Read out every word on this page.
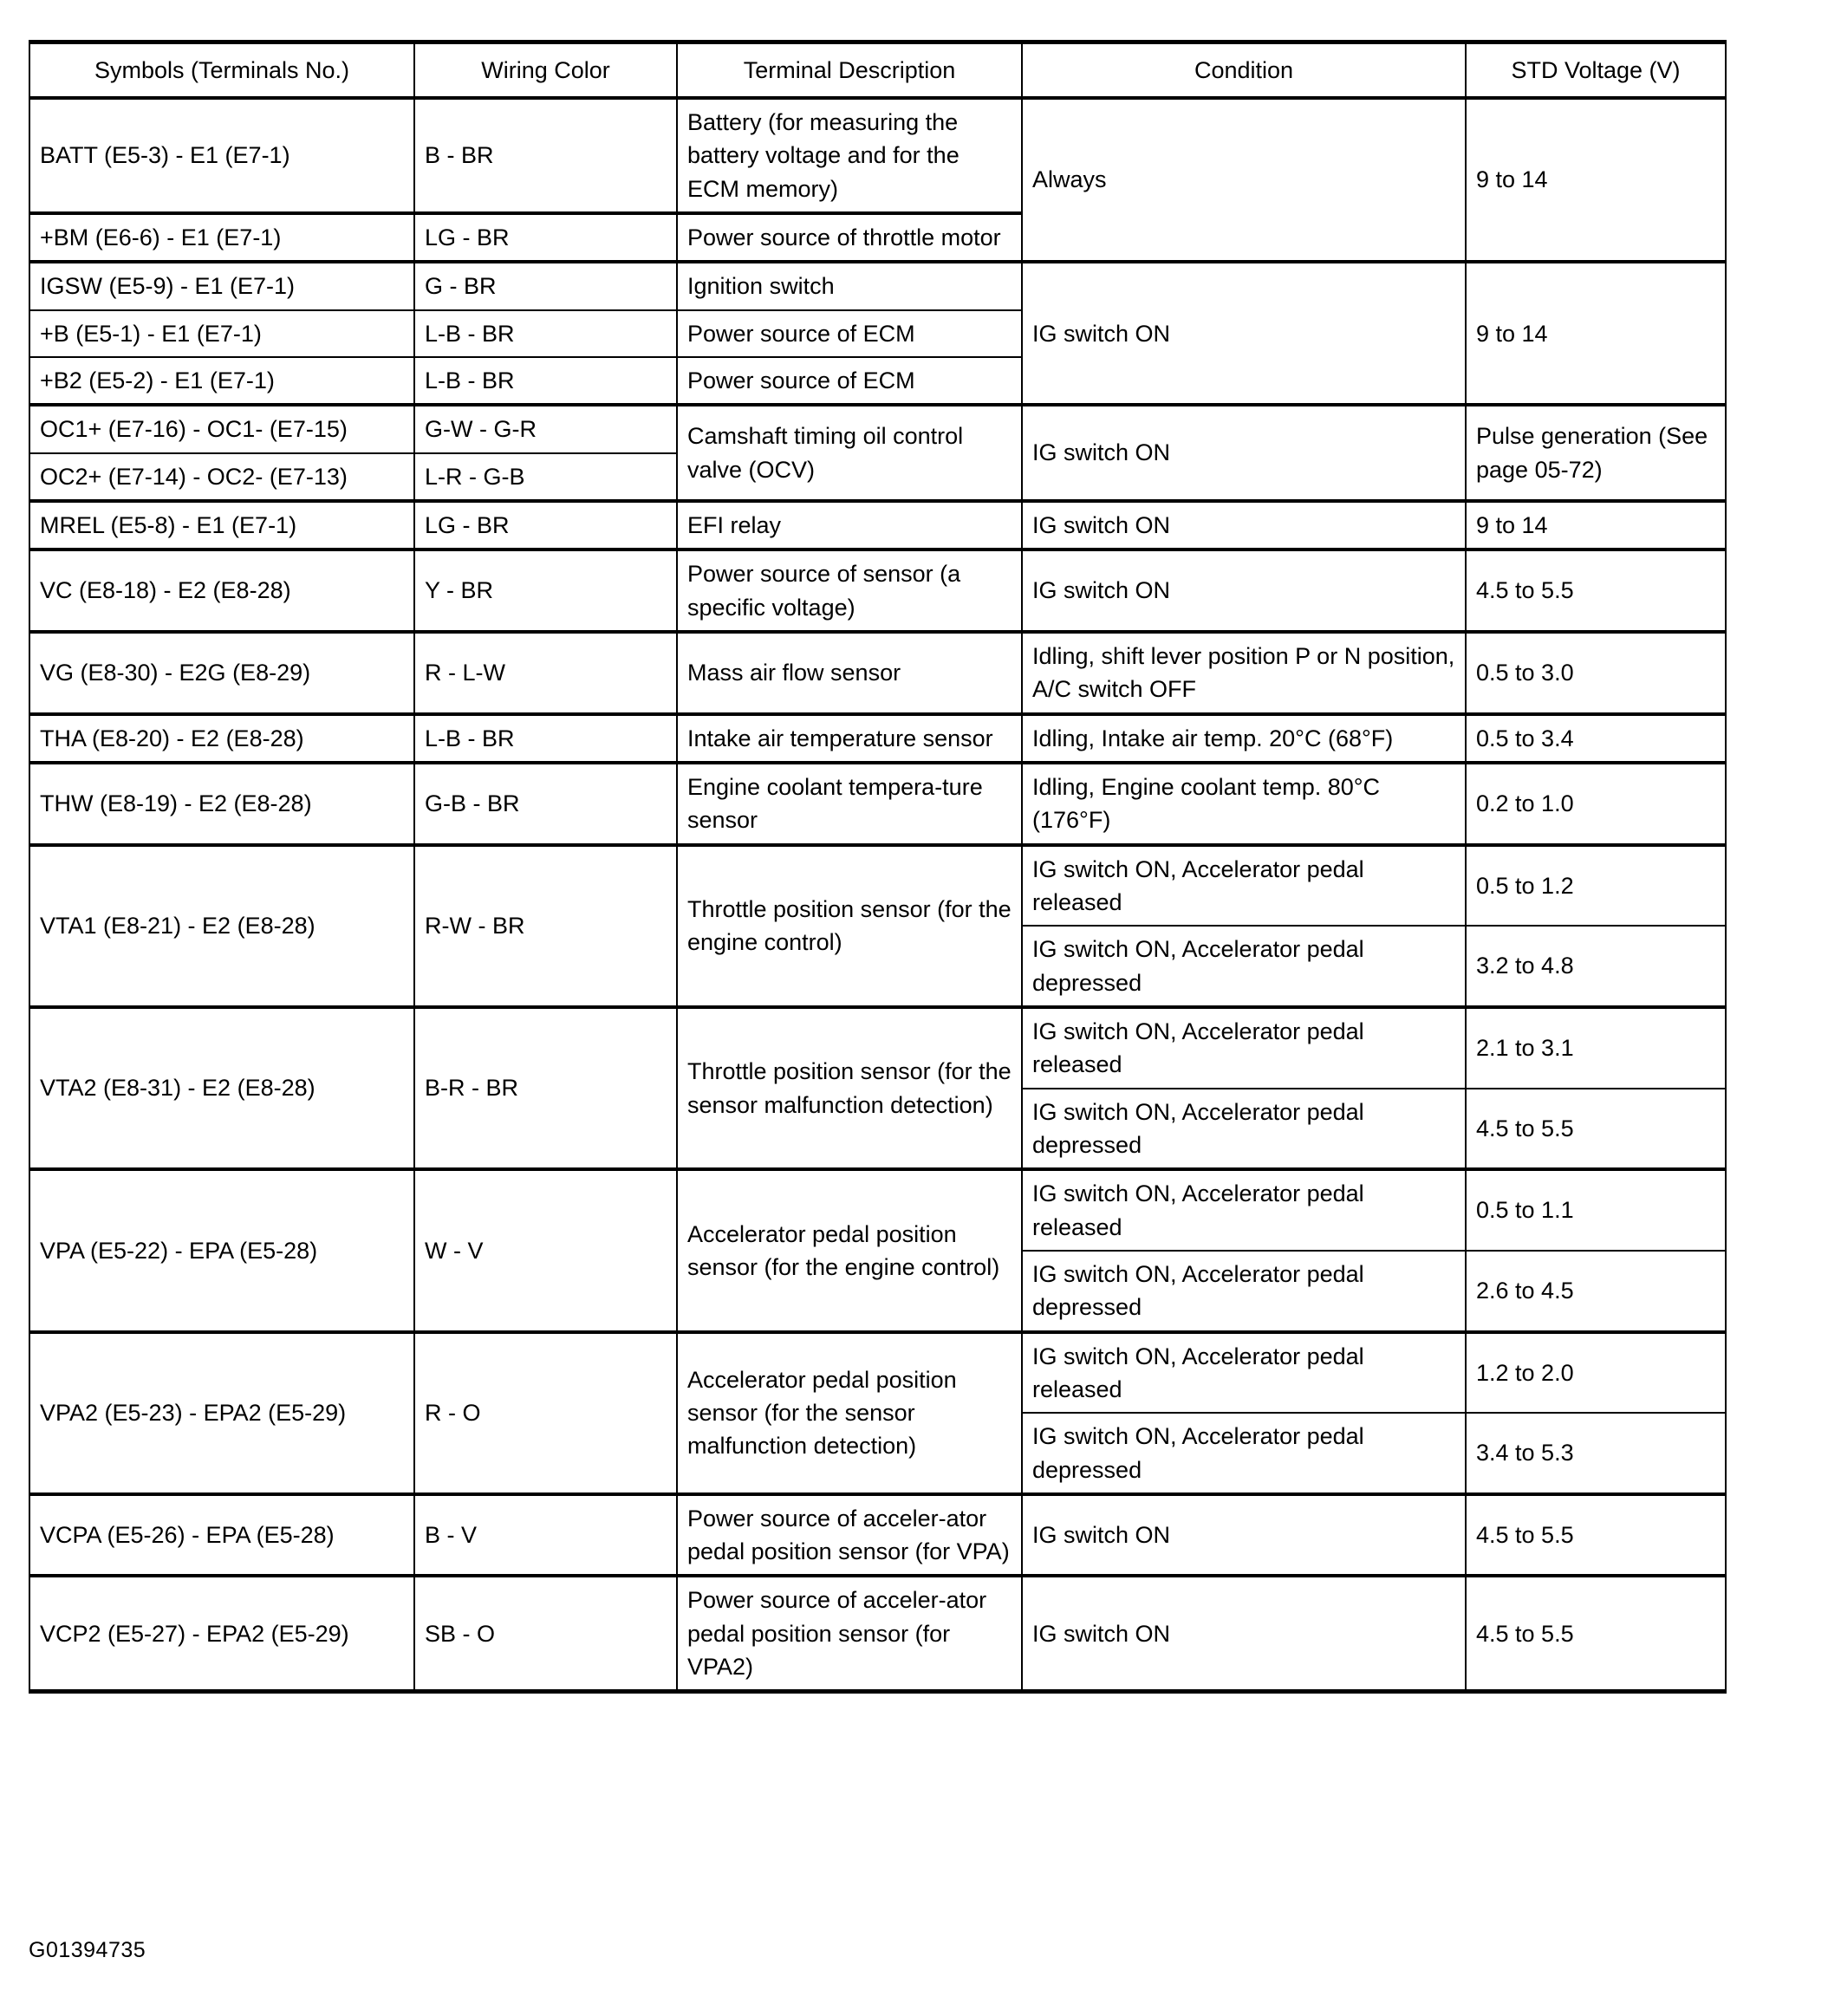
Symbols (Terminals No.)	Wiring Color	Terminal Description	Condition	STD Voltage (V)
BATT (E5-3) - E1 (E7-1)	B - BR	Battery (for measuring the battery voltage and for the ECM memory)	Always	9 to 14
+BM (E6-6) - E1 (E7-1)	LG - BR	Power source of throttle motor		
IGSW (E5-9) - E1 (E7-1)	G - BR	Ignition switch	IG switch ON	9 to 14
+B (E5-1) - E1 (E7-1)	L-B - BR	Power source of ECM		
+B2 (E5-2) - E1 (E7-1)	L-B - BR	Power source of ECM		
OC1+ (E7-16) - OC1- (E7-15)	G-W - G-R	Camshaft timing oil control valve (OCV)	IG switch ON	Pulse generation (See page 05-72)
OC2+ (E7-14) - OC2- (E7-13)	L-R - G-B			
MREL (E5-8) - E1 (E7-1)	LG - BR	EFI relay	IG switch ON	9 to 14
VC (E8-18) - E2 (E8-28)	Y - BR	Power source of sensor (a specific voltage)	IG switch ON	4.5 to 5.5
VG (E8-30) - E2G (E8-29)	R - L-W	Mass air flow sensor	Idling, shift lever position P or N position, A/C switch OFF	0.5 to 3.0
THA (E8-20) - E2 (E8-28)	L-B - BR	Intake air temperature sensor	Idling, Intake air temp. 20°C (68°F)	0.5 to 3.4
THW (E8-19) - E2 (E8-28)	G-B - BR	Engine coolant tempera-ture sensor	Idling, Engine coolant temp. 80°C (176°F)	0.2 to 1.0
VTA1 (E8-21) - E2 (E8-28)	R-W - BR	Throttle position sensor (for the engine control)	IG switch ON, Accelerator pedal released	0.5 to 1.2
			IG switch ON, Accelerator pedal depressed	3.2 to 4.8
VTA2 (E8-31) - E2 (E8-28)	B-R - BR	Throttle position sensor (for the sensor malfunction detection)	IG switch ON, Accelerator pedal released	2.1 to 3.1
			IG switch ON, Accelerator pedal depressed	4.5 to 5.5
VPA (E5-22) - EPA (E5-28)	W - V	Accelerator pedal position sensor (for the engine control)	IG switch ON, Accelerator pedal released	0.5 to 1.1
			IG switch ON, Accelerator pedal depressed	2.6 to 4.5
VPA2 (E5-23) - EPA2 (E5-29)	R - O	Accelerator pedal position sensor (for the sensor malfunction detection)	IG switch ON, Accelerator pedal released	1.2 to 2.0
			IG switch ON, Accelerator pedal depressed	3.4 to 5.3
VCPA (E5-26) - EPA (E5-28)	B - V	Power source of acceler-ator pedal position sensor (for VPA)	IG switch ON	4.5 to 5.5
VCP2 (E5-27) - EPA2 (E5-29)	SB - O	Power source of acceler-ator pedal position sensor (for VPA2)	IG switch ON	4.5 to 5.5
G01394735
